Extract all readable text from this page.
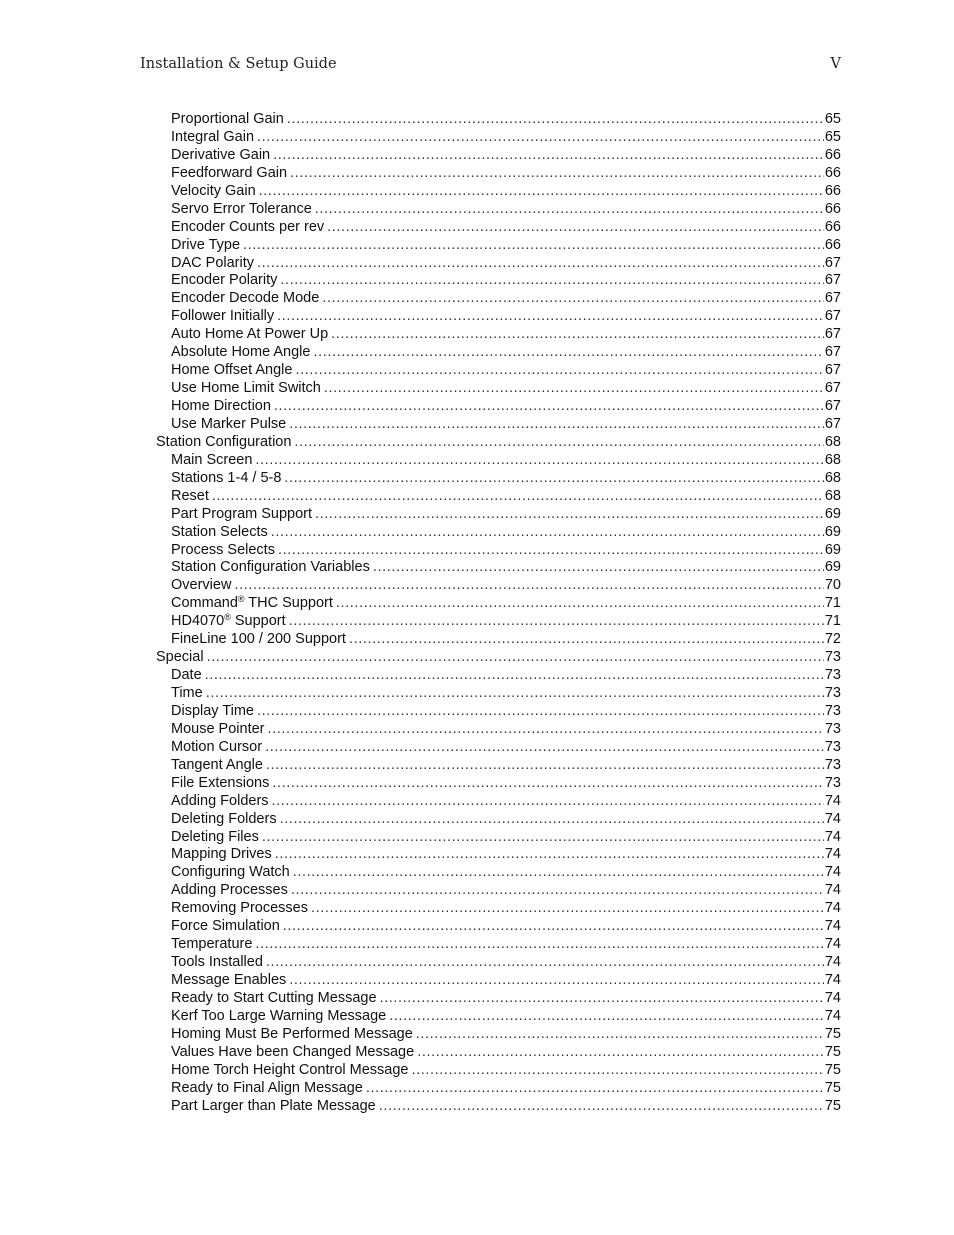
Installation & Setup Guide	V
Proportional Gain .....	65
Integral Gain .....	65
Derivative Gain .....	66
Feedforward Gain .....	66
Velocity Gain .....	66
Servo Error Tolerance .....	66
Encoder Counts per rev .....	66
Drive Type .....	66
DAC Polarity .....	67
Encoder Polarity .....	67
Encoder Decode Mode .....	67
Follower Initially .....	67
Auto Home At Power Up .....	67
Absolute Home Angle .....	67
Home Offset Angle .....	67
Use Home Limit Switch .....	67
Home Direction .....	67
Use Marker Pulse .....	67
Station Configuration .....	68
Main Screen .....	68
Stations 1-4 / 5-8 .....	68
Reset .....	68
Part Program Support .....	69
Station Selects .....	69
Process Selects .....	69
Station Configuration Variables .....	69
Overview .....	70
Command® THC Support .....	71
HD4070® Support .....	71
FineLine 100 / 200 Support .....	72
Special .....	73
Date .....	73
Time .....	73
Display Time .....	73
Mouse Pointer .....	73
Motion Cursor .....	73
Tangent Angle .....	73
File Extensions .....	73
Adding Folders .....	74
Deleting Folders .....	74
Deleting Files .....	74
Mapping Drives .....	74
Configuring Watch .....	74
Adding Processes .....	74
Removing Processes .....	74
Force Simulation .....	74
Temperature .....	74
Tools Installed .....	74
Message Enables .....	74
Ready to Start Cutting Message .....	74
Kerf Too Large Warning Message .....	74
Homing Must Be Performed Message .....	75
Values Have been Changed Message .....	75
Home Torch Height Control Message .....	75
Ready to Final Align Message .....	75
Part Larger than Plate Message .....	75
